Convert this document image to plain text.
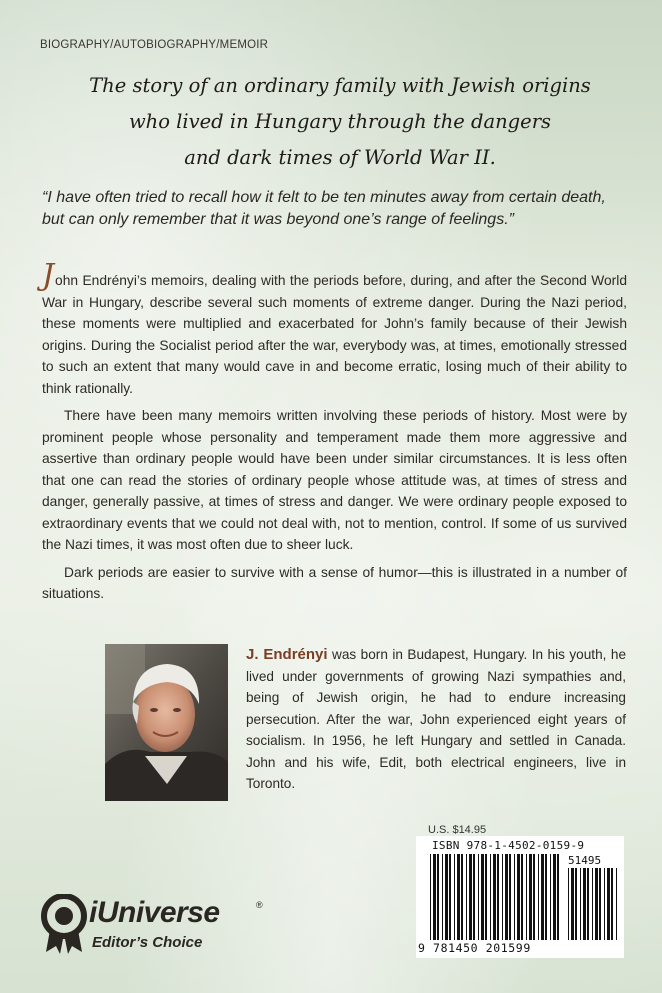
BIOGRAPHY/AUTOBIOGRAPHY/MEMOIR
The story of an ordinary family with Jewish origins
who lived in Hungary through the dangers
and dark times of World War II.
“I have often tried to recall how it felt to be ten minutes away from certain death, but can only remember that it was beyond one’s range of feelings.”

John Endrényi’s memoirs, dealing with the periods before, during, and after the Second World War in Hungary, describe several such moments of extreme danger. During the Nazi period, these moments were multiplied and exacerbated for John’s family because of their Jewish origins. During the Socialist period after the war, everybody was, at times, emotionally stressed to such an extent that many would cave in and become erratic, losing much of their ability to think rationally.

There have been many memoirs written involving these periods of history. Most were by prominent people whose personality and temperament made them more aggressive and assertive than ordinary people would have been under similar circumstances. It is less often that one can read the stories of ordinary people whose attitude was, at times of stress and danger, generally passive, at times of stress and danger. We were ordinary people exposed to extraordinary events that we could not deal with, not to mention, control. If some of us survived the Nazi times, it was most often due to sheer luck.

Dark periods are easier to survive with a sense of humor—this is illustrated in a number of situations.

J. Endrényi was born in Budapest, Hungary. In his youth, he lived under governments of growing Nazi sympathies and, being of Jewish origin, he had to endure increasing persecution. After the war, John experienced eight years of socialism. In 1956, he left Hungary and settled in Canada. John and his wife, Edit, both electrical engineers, live in Toronto.
U.S. $14.95
ISBN 978-1-4502-0159-9
51495
9 781450 201599
iUniverse	®
Editor’s Choice
